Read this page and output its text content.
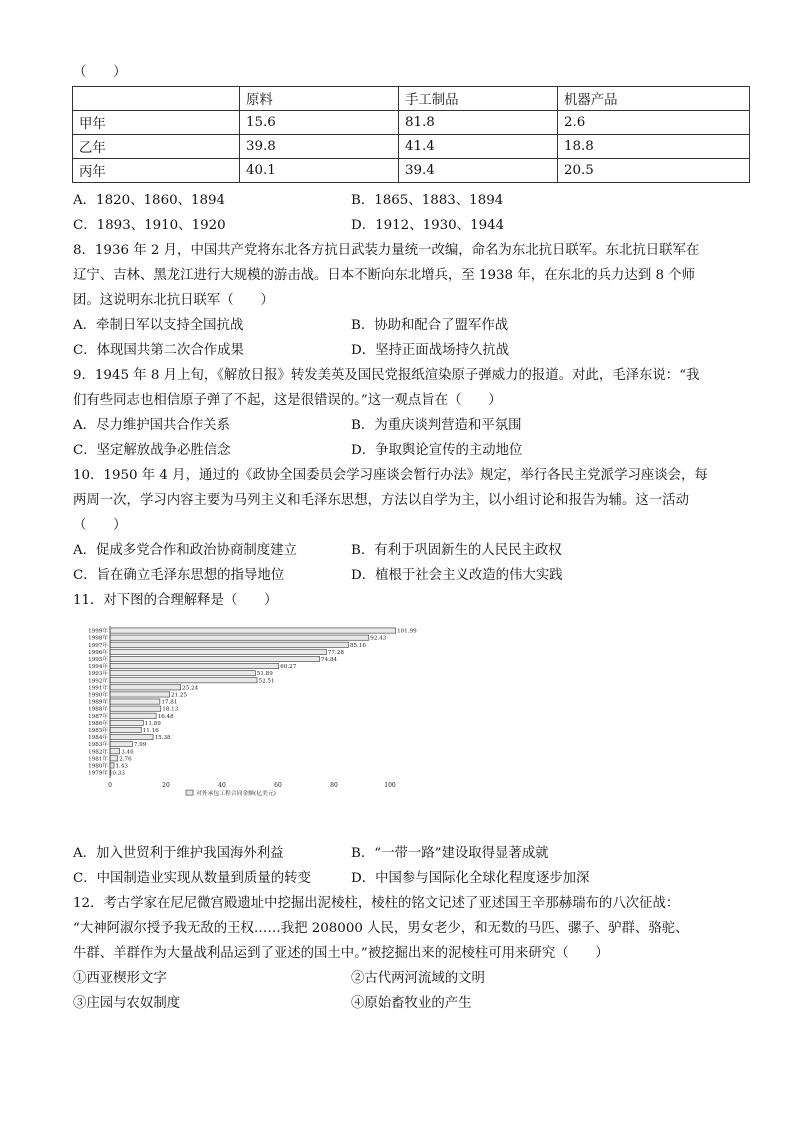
（　　）
	原料	手工制品	机器产品
甲年	15.6	81.8	2.6
乙年	39.8	41.4	18.8
丙年	40.1	39.4	20.5
A．1820、1860、1894	B．1865、1883、1894
C．1893、1910、1920	D．1912、1930、1944
8．1936 年 2 月，中国共产党将东北各方抗日武装力量统一改编，命名为东北抗日联军。东北抗日联军在
辽宁、吉林、黑龙江进行大规模的游击战。日本不断向东北增兵，至 1938 年，在东北的兵力达到 8 个师
团。这说明东北抗日联军（　　）
A．牵制日军以支持全国抗战	B．协助和配合了盟军作战
C．体现国共第二次合作成果	D．坚持正面战场持久抗战
9．1945 年 8 月上旬，《解放日报》转发美英及国民党报纸渲染原子弹威力的报道。对此，毛泽东说：“我
们有些同志也相信原子弹了不起，这是很错误的。”这一观点旨在（　　）
A．尽力维护国共合作关系	B．为重庆谈判营造和平氛围
C．坚定解放战争必胜信念	D．争取舆论宣传的主动地位
10．1950 年 4 月，通过的《政协全国委员会学习座谈会暂行办法》规定，举行各民主党派学习座谈会，每
两周一次，学习内容主要为马列主义和毛泽东思想，方法以自学为主，以小组讨论和报告为辅。这一活动
（　　）
A．促成多党合作和政治协商制度建立	B．有利于巩固新生的人民民主政权
C．旨在确立毛泽东思想的指导地位	D．植根于社会主义改造的伟大实践
11．对下图的合理解释是（　　）
1999年	101.99
1998年	92.43
1997年	85.16
1996年	77.28
1995年	74.84
1994年	60.27
1993年	51.89
1992年	52.51
1991年	25.24
1990年	21.25
1989年	17.81
1988年	18.13
1987年	16.48
1986年	11.89
1985年	11.16
1984年	15.38
1983年	7.99
1982年 3.46
1981年 2.76
1980年 1.43
1979年 0.33
0	20	40	60	80	100
对外承包工程合同金额(亿美元)
A．加入世贸利于维护我国海外利益	B．“一带一路”建设取得显著成就
C．中国制造业实现从数量到质量的转变	D．中国参与国际化全球化程度逐步加深
12．考古学家在尼尼微宫殿遗址中挖掘出泥棱柱，棱柱的铭文记述了亚述国王辛那赫瑞布的八次征战：
“大神阿淑尔授予我无敌的王权……我把 208000 人民，男女老少，和无数的马匹、骡子、驴群、骆驼、
牛群、羊群作为大量战利品运到了亚述的国土中。”被挖掘出来的泥棱柱可用来研究（　　）
①西亚楔形文字	②古代两河流域的文明
③庄园与农奴制度	④原始畜牧业的产生
